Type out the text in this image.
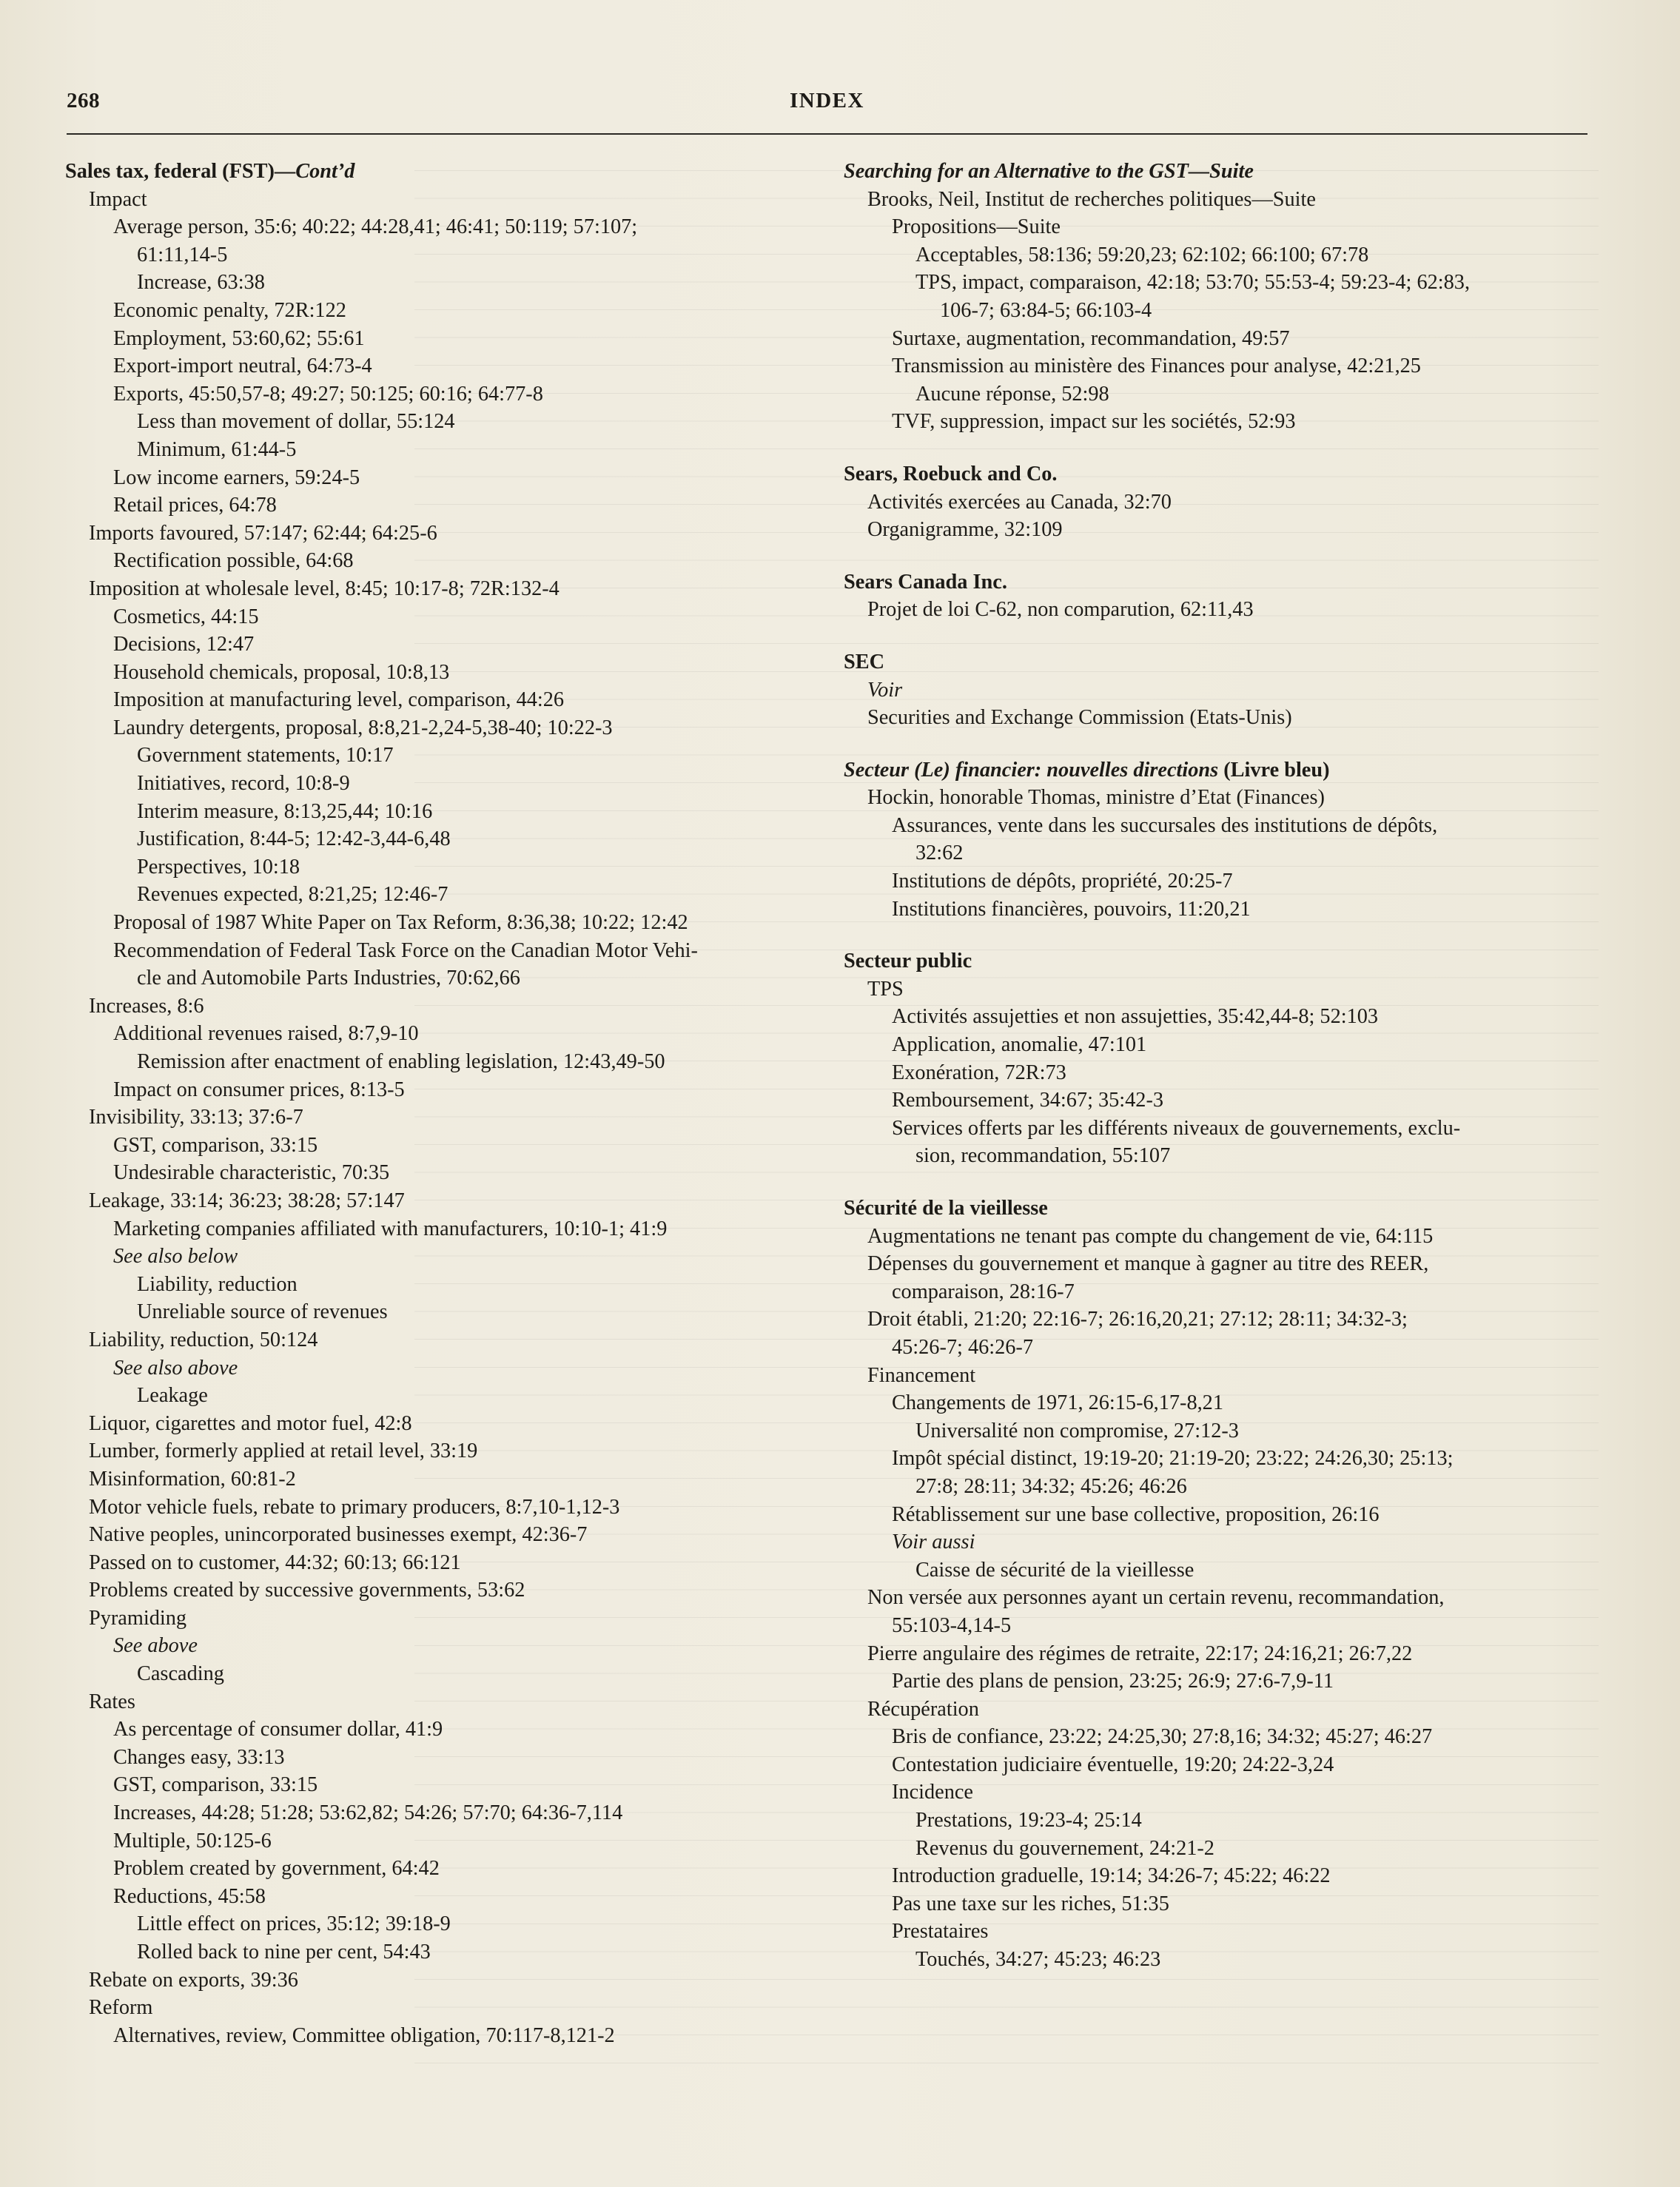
268	INDEX
Sales tax, federal (FST)—Cont’d
Impact
Average person, 35:6; 40:22; 44:28,41; 46:41; 50:119; 57:107;
61:11,14-5
Increase, 63:38
Economic penalty, 72R:122
Employment, 53:60,62; 55:61
Export-import neutral, 64:73-4
Exports, 45:50,57-8; 49:27; 50:125; 60:16; 64:77-8
Less than movement of dollar, 55:124
Minimum, 61:44-5
Low income earners, 59:24-5
Retail prices, 64:78
Imports favoured, 57:147; 62:44; 64:25-6
Rectification possible, 64:68
Imposition at wholesale level, 8:45; 10:17-8; 72R:132-4
Cosmetics, 44:15
Decisions, 12:47
Household chemicals, proposal, 10:8,13
Imposition at manufacturing level, comparison, 44:26
Laundry detergents, proposal, 8:8,21-2,24-5,38-40; 10:22-3
Government statements, 10:17
Initiatives, record, 10:8-9
Interim measure, 8:13,25,44; 10:16
Justification, 8:44-5; 12:42-3,44-6,48
Perspectives, 10:18
Revenues expected, 8:21,25; 12:46-7
Proposal of 1987 White Paper on Tax Reform, 8:36,38; 10:22; 12:42
Recommendation of Federal Task Force on the Canadian Motor Vehi-
cle and Automobile Parts Industries, 70:62,66
Increases, 8:6
Additional revenues raised, 8:7,9-10
Remission after enactment of enabling legislation, 12:43,49-50
Impact on consumer prices, 8:13-5
Invisibility, 33:13; 37:6-7
GST, comparison, 33:15
Undesirable characteristic, 70:35
Leakage, 33:14; 36:23; 38:28; 57:147
Marketing companies affiliated with manufacturers, 10:10-1; 41:9
See also below
Liability, reduction
Unreliable source of revenues
Liability, reduction, 50:124
See also above
Leakage
Liquor, cigarettes and motor fuel, 42:8
Lumber, formerly applied at retail level, 33:19
Misinformation, 60:81-2
Motor vehicle fuels, rebate to primary producers, 8:7,10-1,12-3
Native peoples, unincorporated businesses exempt, 42:36-7
Passed on to customer, 44:32; 60:13; 66:121
Problems created by successive governments, 53:62
Pyramiding
See above
Cascading
Rates
As percentage of consumer dollar, 41:9
Changes easy, 33:13
GST, comparison, 33:15
Increases, 44:28; 51:28; 53:62,82; 54:26; 57:70; 64:36-7,114
Multiple, 50:125-6
Problem created by government, 64:42
Reductions, 45:58
Little effect on prices, 35:12; 39:18-9
Rolled back to nine per cent, 54:43
Rebate on exports, 39:36
Reform
Alternatives, review, Committee obligation, 70:117-8,121-2
Searching for an Alternative to the GST—Suite
Brooks, Neil, Institut de recherches politiques—Suite
Propositions—Suite
Acceptables, 58:136; 59:20,23; 62:102; 66:100; 67:78
TPS, impact, comparaison, 42:18; 53:70; 55:53-4; 59:23-4; 62:83,
106-7; 63:84-5; 66:103-4
Surtaxe, augmentation, recommandation, 49:57
Transmission au ministère des Finances pour analyse, 42:21,25
Aucune réponse, 52:98
TVF, suppression, impact sur les sociétés, 52:93
Sears, Roebuck and Co.
Activités exercées au Canada, 32:70
Organigramme, 32:109
Sears Canada Inc.
Projet de loi C-62, non comparution, 62:11,43
SEC
Voir
Securities and Exchange Commission (Etats-Unis)
Secteur (Le) financier: nouvelles directions (Livre bleu)
Hockin, honorable Thomas, ministre d’Etat (Finances)
Assurances, vente dans les succursales des institutions de dépôts,
32:62
Institutions de dépôts, propriété, 20:25-7
Institutions financières, pouvoirs, 11:20,21
Secteur public
TPS
Activités assujetties et non assujetties, 35:42,44-8; 52:103
Application, anomalie, 47:101
Exonération, 72R:73
Remboursement, 34:67; 35:42-3
Services offerts par les différents niveaux de gouvernements, exclu-
sion, recommandation, 55:107
Sécurité de la vieillesse
Augmentations ne tenant pas compte du changement de vie, 64:115
Dépenses du gouvernement et manque à gagner au titre des REER,
comparaison, 28:16-7
Droit établi, 21:20; 22:16-7; 26:16,20,21; 27:12; 28:11; 34:32-3;
45:26-7; 46:26-7
Financement
Changements de 1971, 26:15-6,17-8,21
Universalité non compromise, 27:12-3
Impôt spécial distinct, 19:19-20; 21:19-20; 23:22; 24:26,30; 25:13;
27:8; 28:11; 34:32; 45:26; 46:26
Rétablissement sur une base collective, proposition, 26:16
Voir aussi
Caisse de sécurité de la vieillesse
Non versée aux personnes ayant un certain revenu, recommandation,
55:103-4,14-5
Pierre angulaire des régimes de retraite, 22:17; 24:16,21; 26:7,22
Partie des plans de pension, 23:25; 26:9; 27:6-7,9-11
Récupération
Bris de confiance, 23:22; 24:25,30; 27:8,16; 34:32; 45:27; 46:27
Contestation judiciaire éventuelle, 19:20; 24:22-3,24
Incidence
Prestations, 19:23-4; 25:14
Revenus du gouvernement, 24:21-2
Introduction graduelle, 19:14; 34:26-7; 45:22; 46:22
Pas une taxe sur les riches, 51:35
Prestataires
Touchés, 34:27; 45:23; 46:23
